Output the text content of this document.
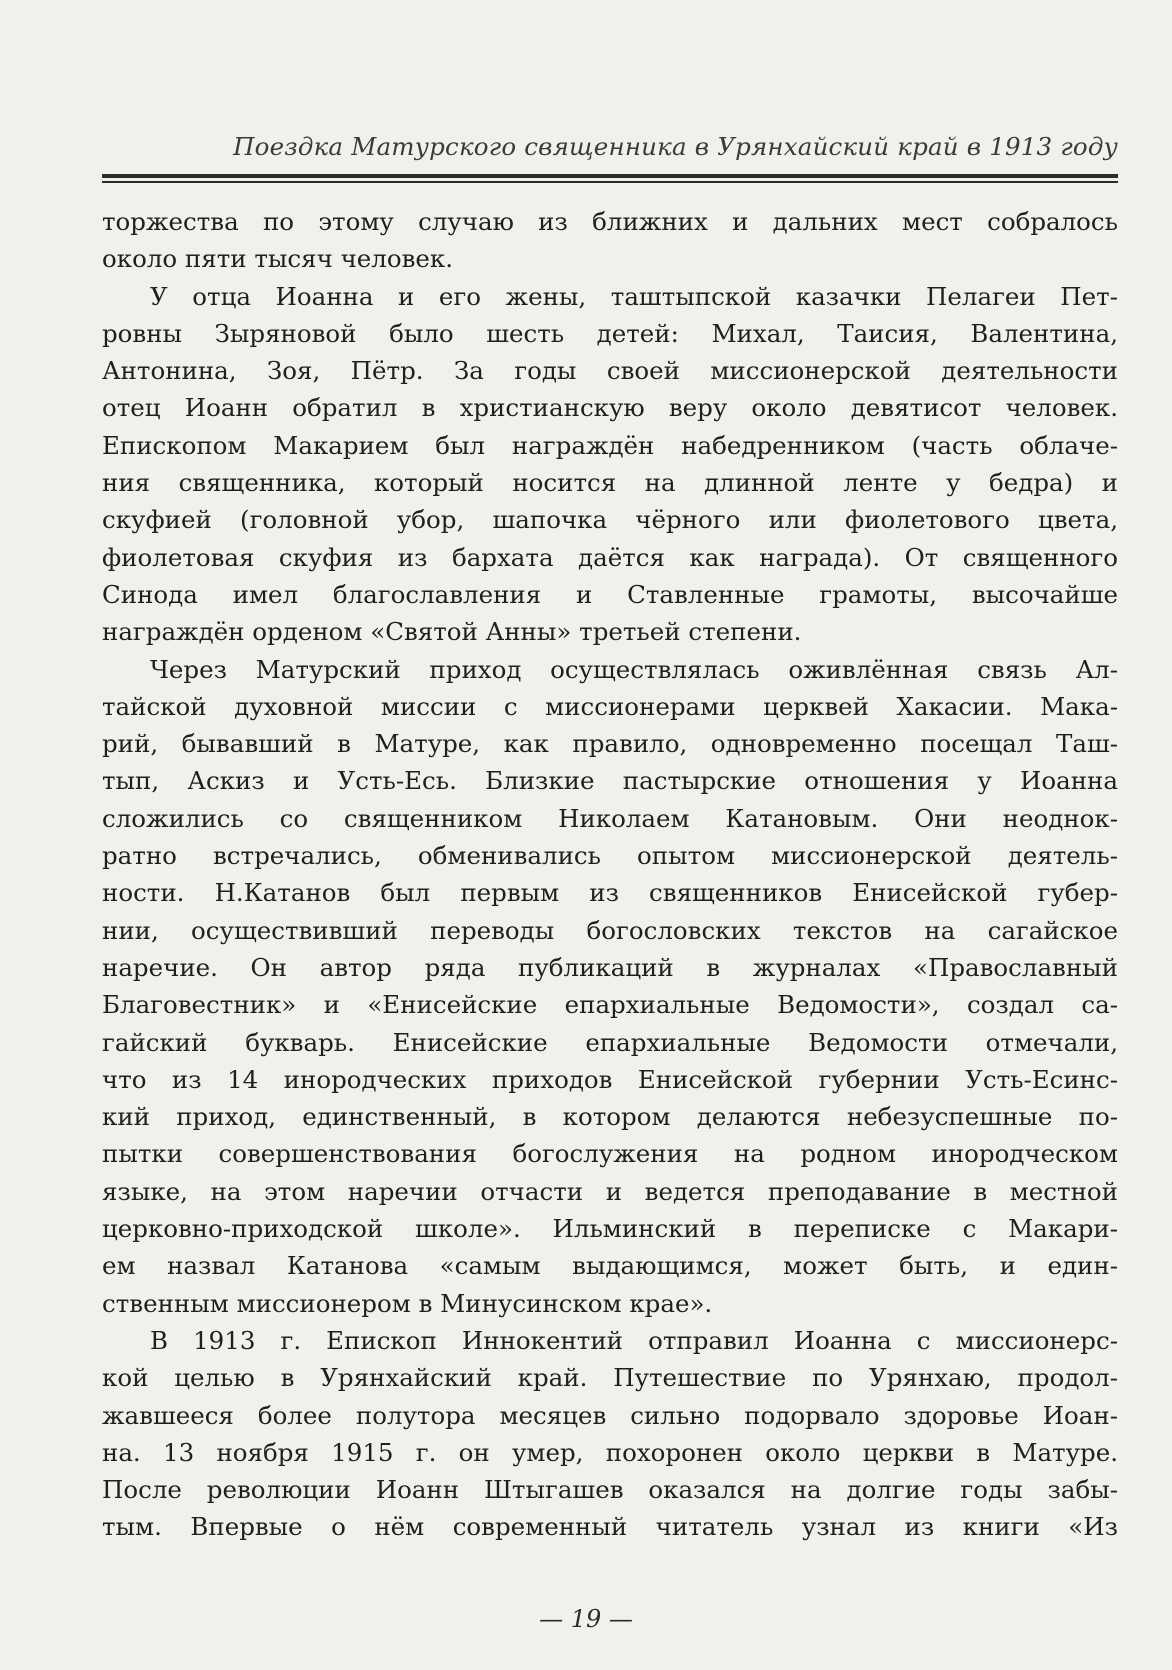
Поездка Матурского священника в Урянхайский край в 1913 году
торжества по этому случаю из ближних и дальних мест собралось
около пяти тысяч человек.
У отца Иоанна и его жены, таштыпской казачки Пелагеи Пет-
ровны Зыряновой было шесть детей: Михал, Таисия, Валентина,
Антонина, Зоя, Пётр. За годы своей миссионерской деятельности
отец Иоанн обратил в христианскую веру около девятисот человек.
Епископом Макарием был награждён набедренником (часть облаче-
ния священника, который носится на длинной ленте у бедра) и
скуфией (головной убор, шапочка чёрного или фиолетового цвета,
фиолетовая скуфия из бархата даётся как награда). От священного
Синода имел благославления и Ставленные грамоты, высочайше
награждён орденом «Святой Анны» третьей степени.
Через Матурский приход осуществлялась оживлённая связь Ал-
тайской духовной миссии с миссионерами церквей Хакасии. Мака-
рий, бывавший в Матуре, как правило, одновременно посещал Таш-
тып, Аскиз и Усть-Есь. Близкие пастырские отношения у Иоанна
сложились со священником Николаем Катановым. Они неоднок-
ратно встречались, обменивались опытом миссионерской деятель-
ности. Н.Катанов был первым из священников Енисейской губер-
нии, осуществивший переводы богословских текстов на сагайское
наречие. Он автор ряда публикаций в журналах «Православный
Благовестник» и «Енисейские епархиальные Ведомости», создал са-
гайский букварь. Енисейские епархиальные Ведомости отмечали,
что из 14 инородческих приходов Енисейской губернии Усть-Есинс-
кий приход, единственный, в котором делаются небезуспешные по-
пытки совершенствования богослужения на родном инородческом
языке, на этом наречии отчасти и ведется преподавание в местной
церковно-приходской школе». Ильминский в переписке с Макари-
ем назвал Катанова «самым выдающимся, может быть, и един-
ственным миссионером в Минусинском крае».
В 1913 г. Епископ Иннокентий отправил Иоанна с миссионерс-
кой целью в Урянхайский край. Путешествие по Урянхаю, продол-
жавшееся более полутора месяцев сильно подорвало здоровье Иоан-
на. 13 ноября 1915 г. он умер, похоронен около церкви в Матуре.
После революции Иоанн Штыгашев оказался на долгие годы забы-
тым. Впервые о нём современный читатель узнал из книги «Из
— 19 —
